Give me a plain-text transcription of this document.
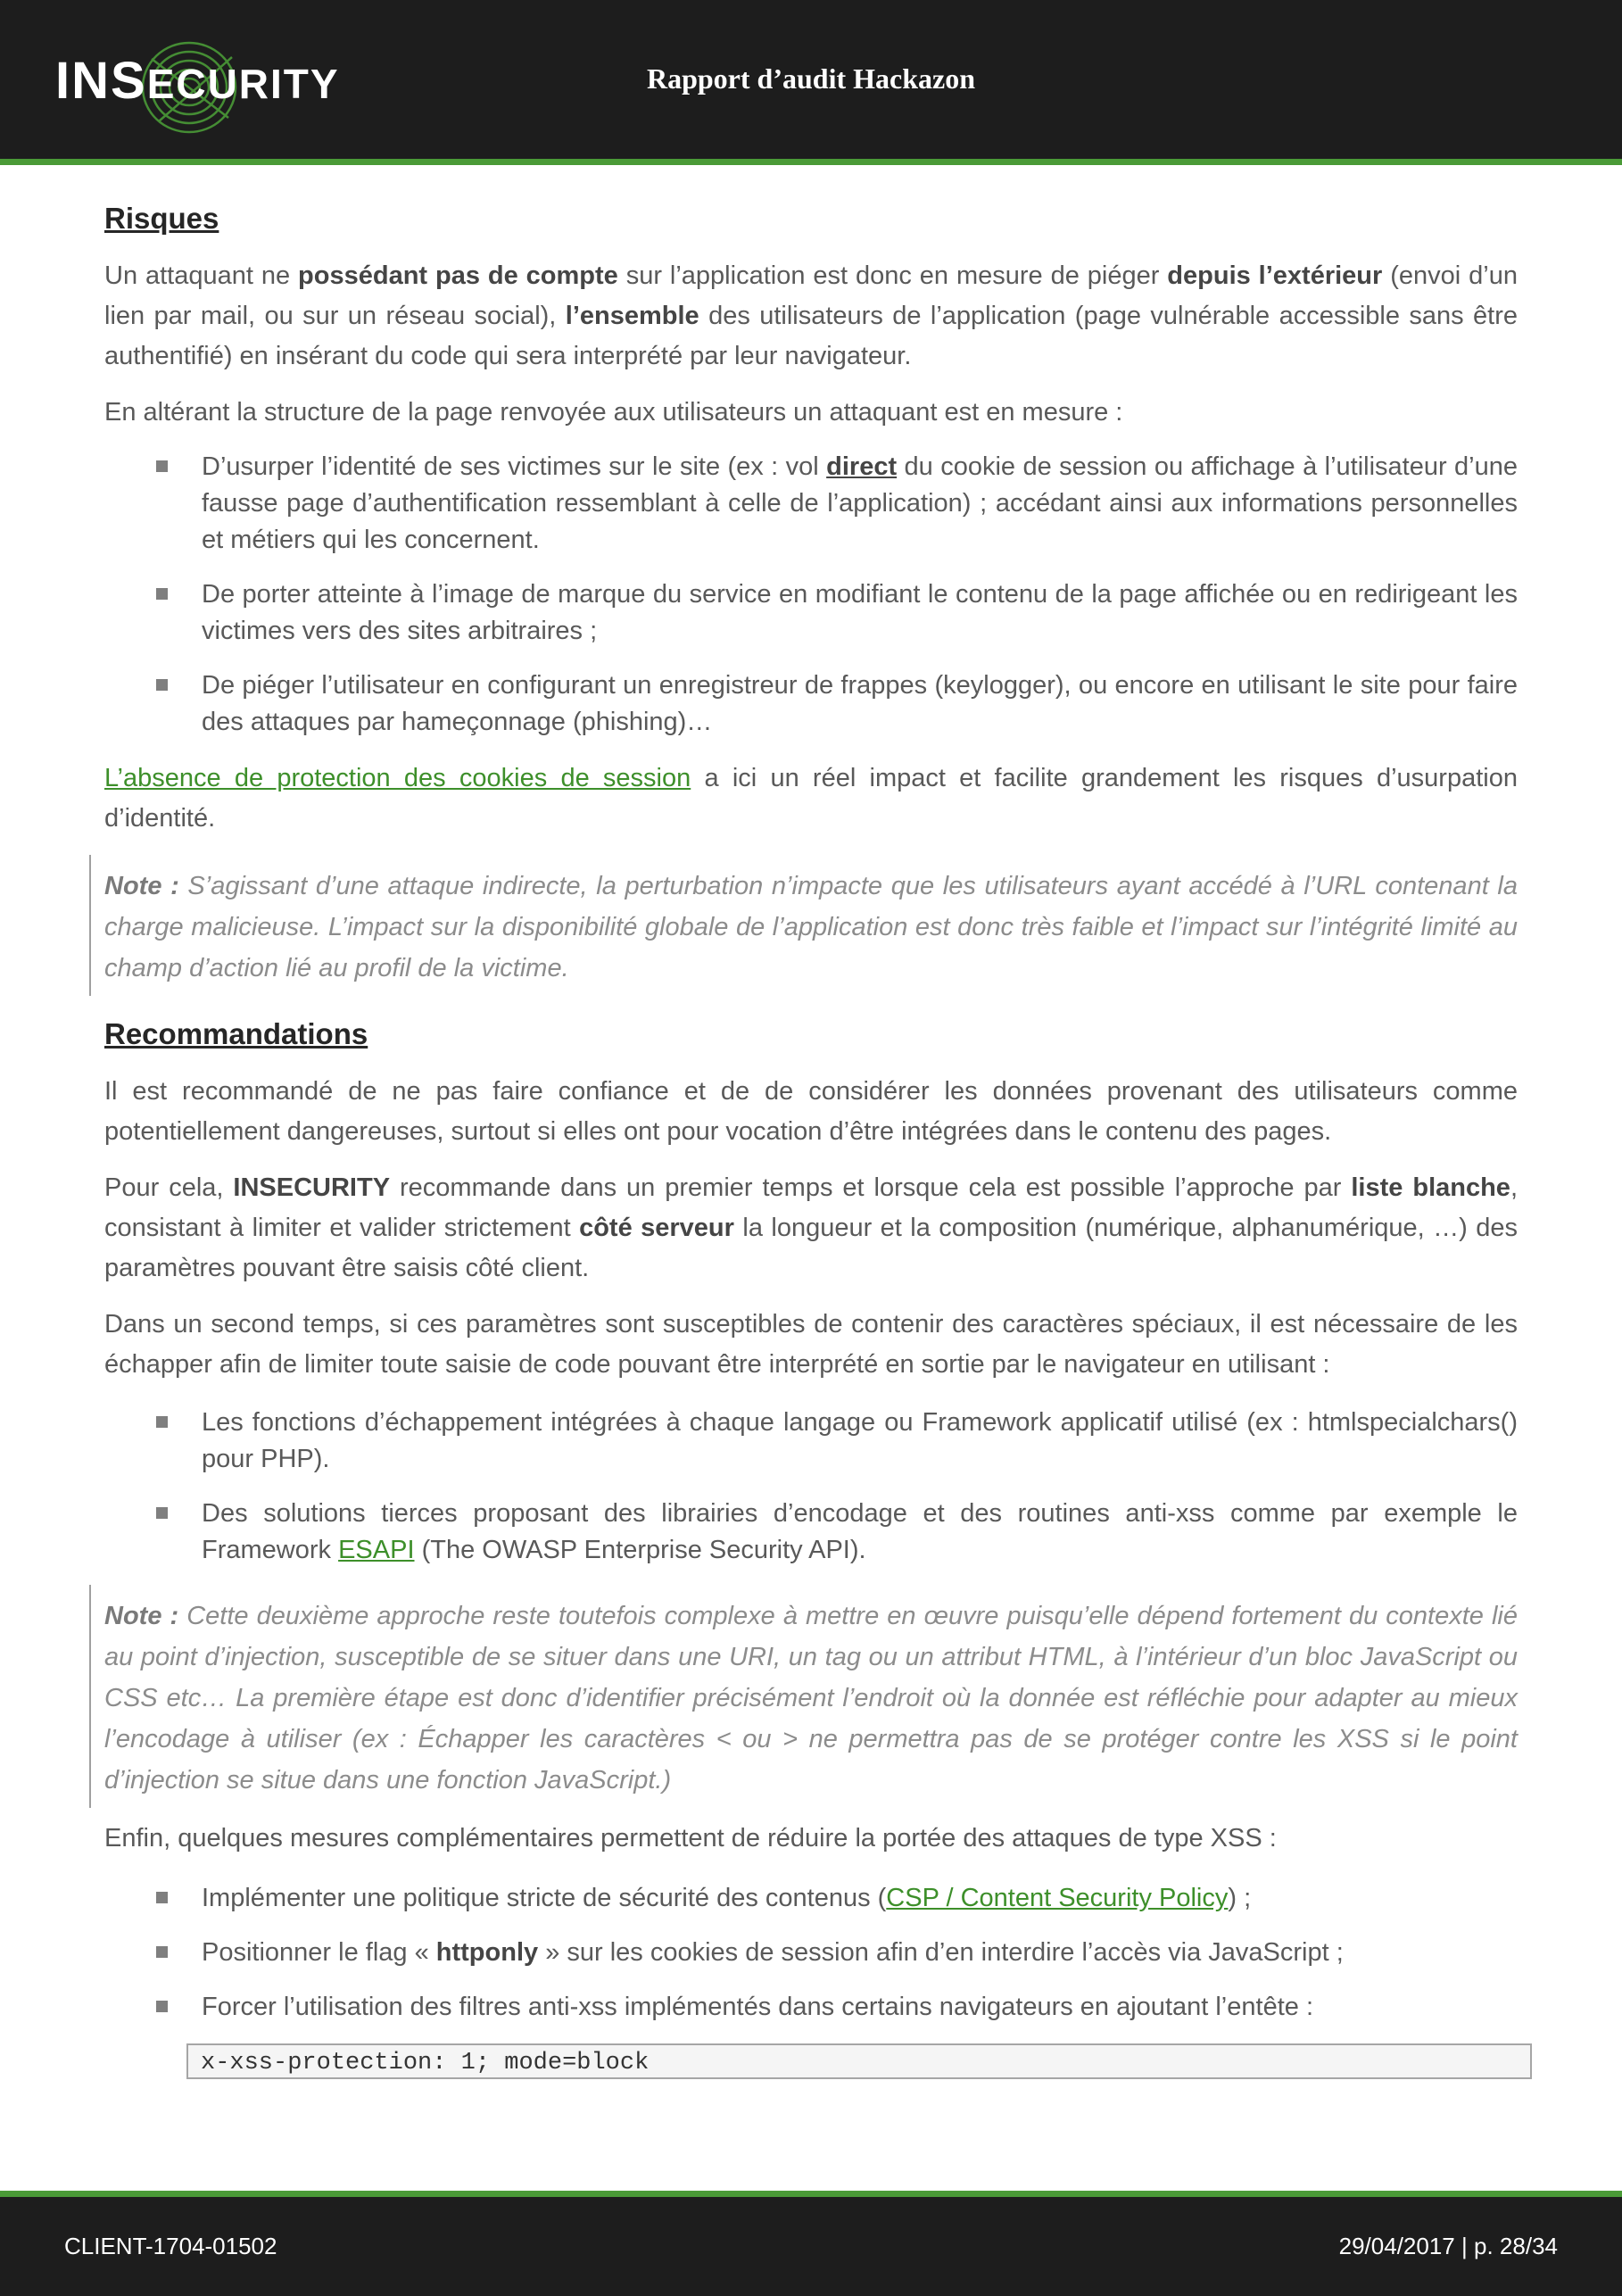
INSECURITY	Rapport d’audit Hackazon
Risques

Un attaquant ne possédant pas de compte sur l’application est donc en mesure de piéger depuis l’extérieur (envoi d’un lien par mail, ou sur un réseau social), l’ensemble des utilisateurs de l’application (page vulnérable accessible sans être authentifié) en insérant du code qui sera interprété par leur navigateur.

En altérant la structure de la page renvoyée aux utilisateurs un attaquant est en mesure :

D’usurper l’identité de ses victimes sur le site (ex : vol direct du cookie de session ou affichage à l’utilisateur d’une fausse page d’authentification ressemblant à celle de l’application) ; accédant ainsi aux informations personnelles et métiers qui les concernent.
De porter atteinte à l’image de marque du service en modifiant le contenu de la page affichée ou en redirigeant les victimes vers des sites arbitraires ;
De piéger l’utilisateur en configurant un enregistreur de frappes (keylogger), ou encore en utilisant le site pour faire des attaques par hameçonnage (phishing)…

L’absence de protection des cookies de session a ici un réel impact et facilite grandement les risques d’usurpation d’identité.

Note : S’agissant d’une attaque indirecte, la perturbation n’impacte que les utilisateurs ayant accédé à l’URL contenant la charge malicieuse. L’impact sur la disponibilité globale de l’application est donc très faible et l’impact sur l’intégrité limité au champ d’action lié au profil de la victime.
Recommandations

Il est recommandé de ne pas faire confiance et de de considérer les données provenant des utilisateurs comme potentiellement dangereuses, surtout si elles ont pour vocation d’être intégrées dans le contenu des pages.

Pour cela, INSECURITY recommande dans un premier temps et lorsque cela est possible l’approche par liste blanche, consistant à limiter et valider strictement côté serveur la longueur et la composition (numérique, alphanumérique, …) des paramètres pouvant être saisis côté client.

Dans un second temps, si ces paramètres sont susceptibles de contenir des caractères spéciaux, il est nécessaire de les échapper afin de limiter toute saisie de code pouvant être interprété en sortie par le navigateur en utilisant :

Les fonctions d’échappement intégrées à chaque langage ou Framework applicatif utilisé (ex : htmlspecialchars() pour PHP).
Des solutions tierces proposant des librairies d’encodage et des routines anti-xss comme par exemple le Framework ESAPI (The OWASP Enterprise Security API).
Note : Cette deuxième approche reste toutefois complexe à mettre en œuvre puisqu’elle dépend fortement du contexte lié au point d’injection, susceptible de se situer dans une URI, un tag ou un attribut HTML, à l’intérieur d’un bloc JavaScript ou CSS etc… La première étape est donc d’identifier précisément l’endroit où la donnée est réfléchie pour adapter au mieux l’encodage à utiliser (ex : Échapper les caractères < ou > ne permettra pas de se protéger contre les XSS si le point d’injection se situe dans une fonction JavaScript.)

Enfin, quelques mesures complémentaires permettent de réduire la portée des attaques de type XSS :

Implémenter une politique stricte de sécurité des contenus (CSP / Content Security Policy) ;
Positionner le flag « httponly » sur les cookies de session afin d’en interdire l’accès via JavaScript ;
Forcer l’utilisation des filtres anti-xss implémentés dans certains navigateurs en ajoutant l’entête :
x-xss-protection: 1; mode=block
CLIENT-1704-01502	29/04/2017 | p. 28/34
